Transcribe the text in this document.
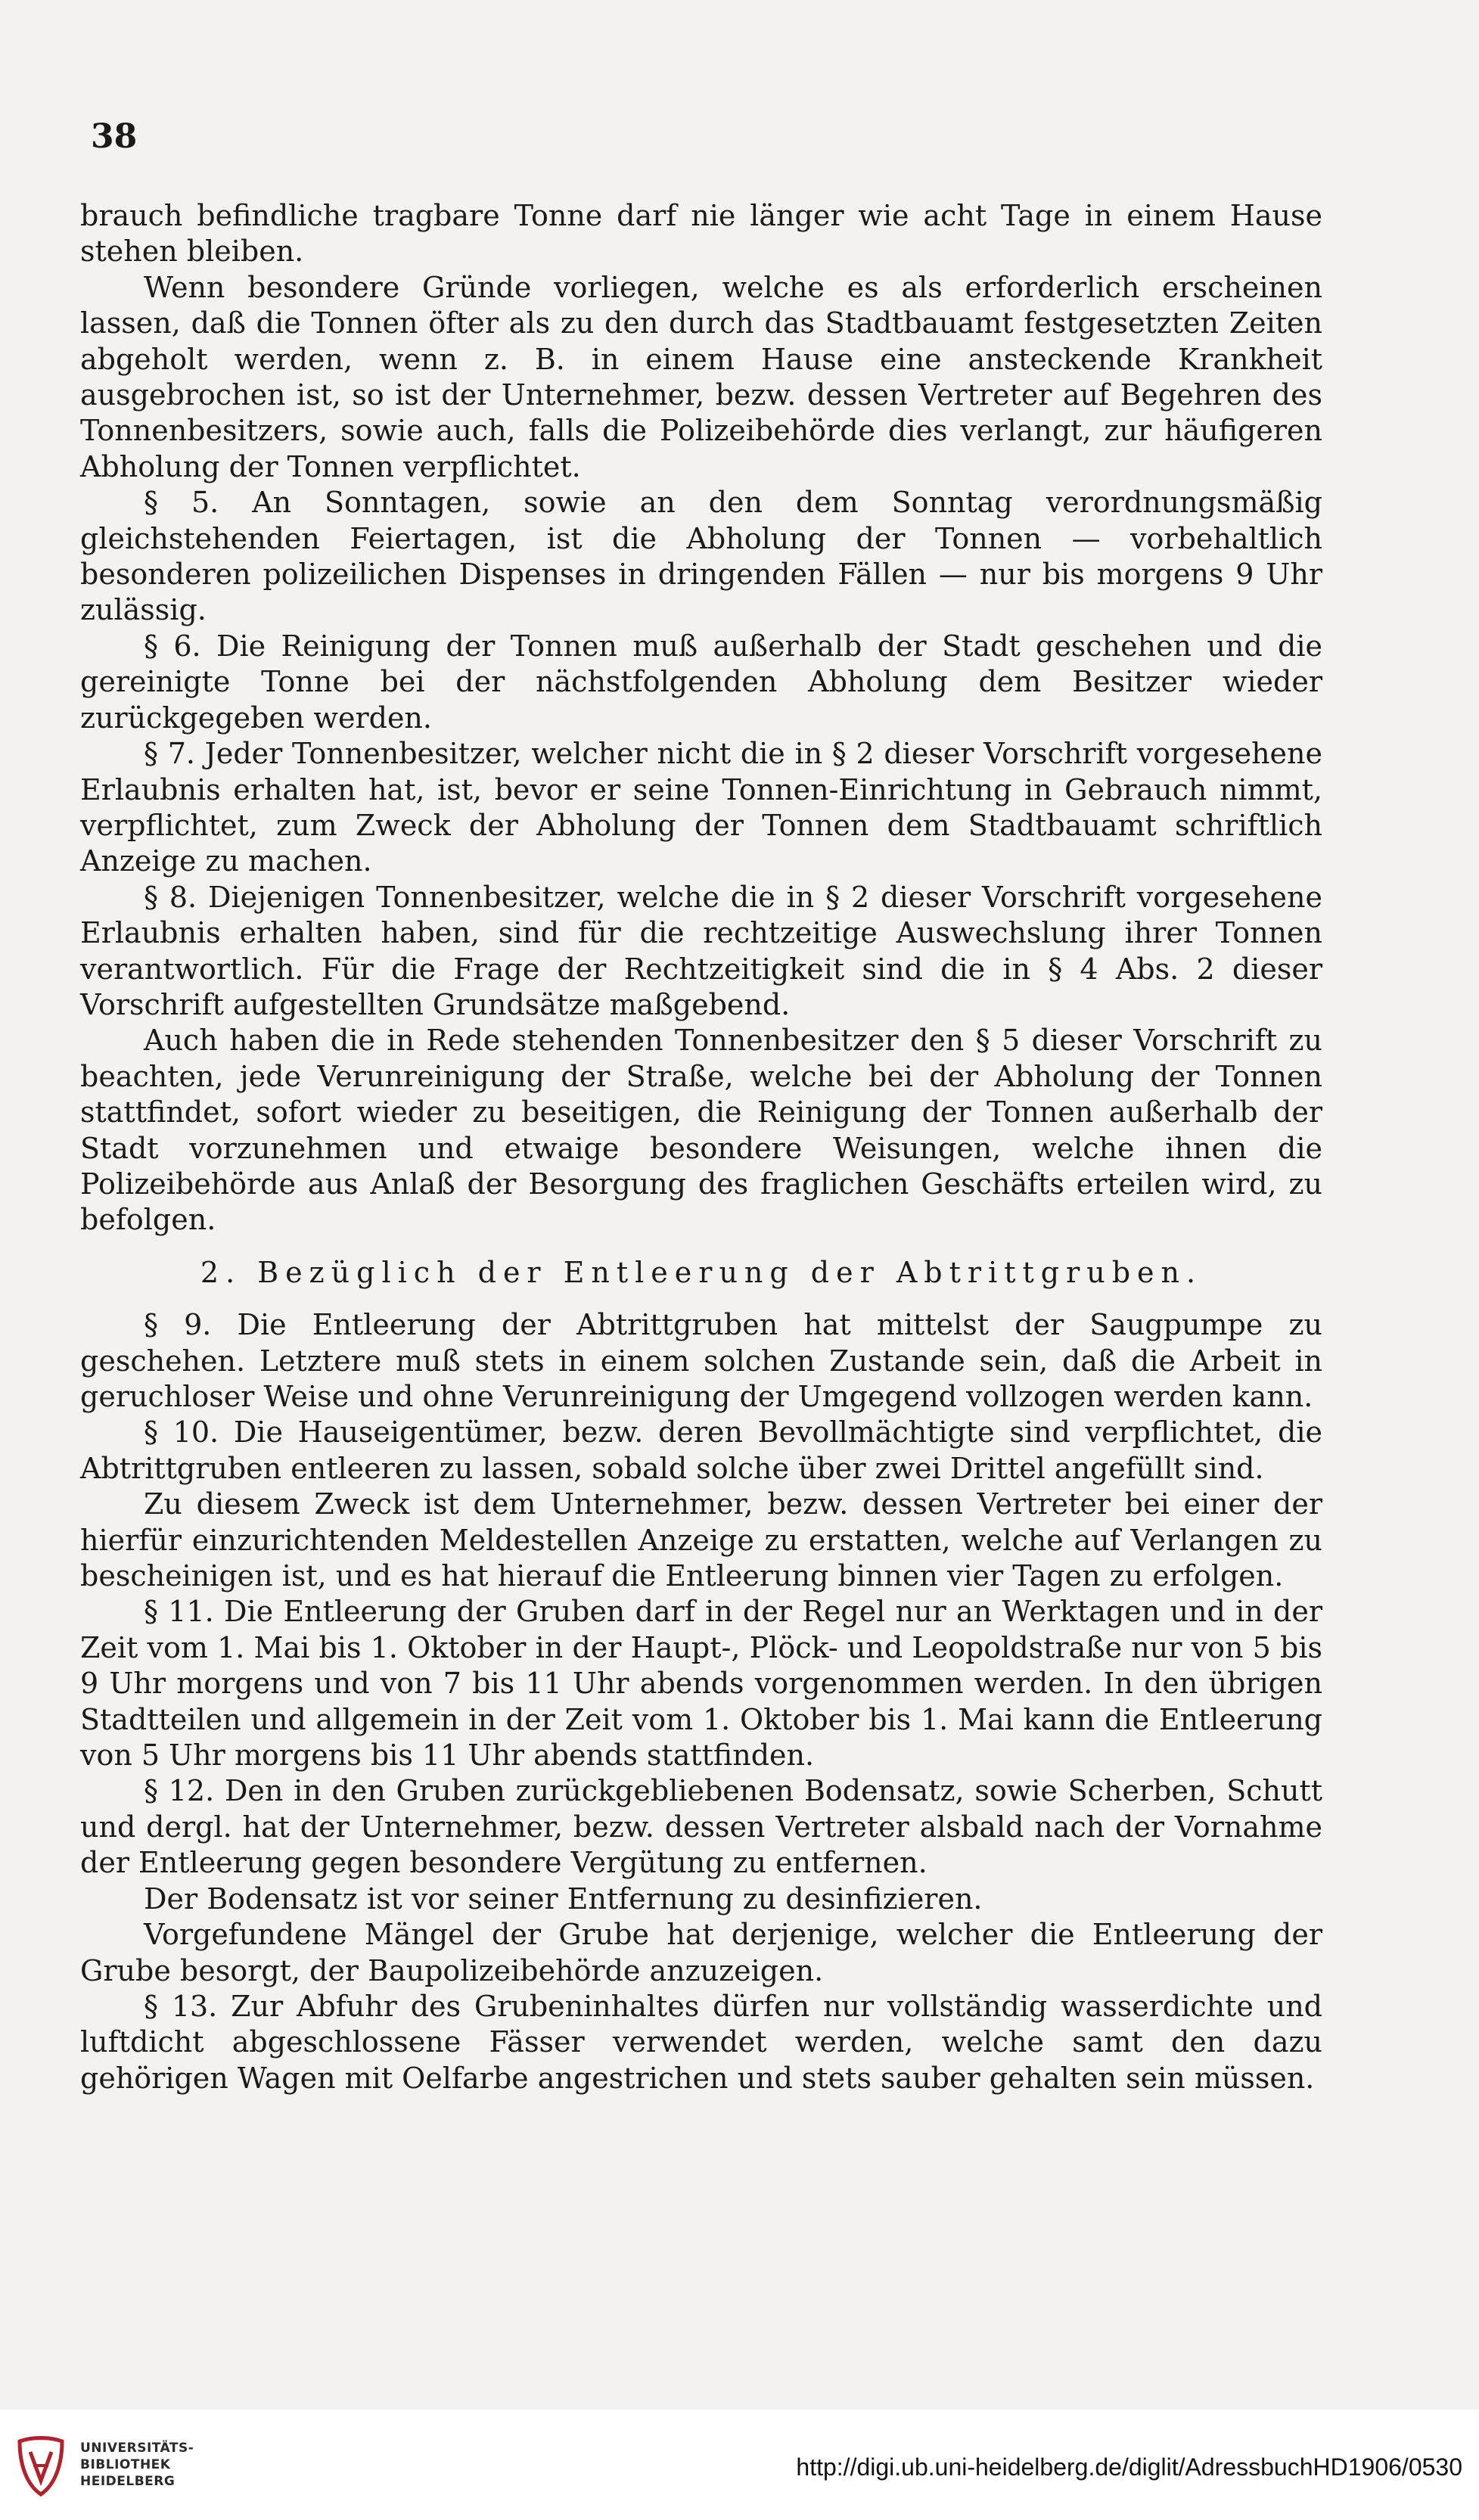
38

brauch befindliche tragbare Tonne darf nie länger wie acht Tage in einem Hause stehen bleiben.

Wenn besondere Gründe vorliegen, welche es als erforderlich erscheinen lassen, daß die Tonnen öfter als zu den durch das Stadtbauamt festgesetzten Zeiten abgeholt werden, wenn z. B. in einem Hause eine ansteckende Krankheit ausgebrochen ist, so ist der Unternehmer, bezw. dessen Vertreter auf Begehren des Tonnenbesitzers, sowie auch, falls die Polizeibehörde dies verlangt, zur häufigeren Abholung der Tonnen verpflichtet.

§ 5. An Sonntagen, sowie an den dem Sonntag verordnungsmäßig gleichstehenden Feiertagen, ist die Abholung der Tonnen — vorbehaltlich besonderen polizeilichen Dispenses in dringenden Fällen — nur bis morgens 9 Uhr zulässig.

§ 6. Die Reinigung der Tonnen muß außerhalb der Stadt geschehen und die gereinigte Tonne bei der nächstfolgenden Abholung dem Besitzer wieder zurückgegeben werden.

§ 7. Jeder Tonnenbesitzer, welcher nicht die in § 2 dieser Vorschrift vorgesehene Erlaubnis erhalten hat, ist, bevor er seine Tonnen-Einrichtung in Gebrauch nimmt, verpflichtet, zum Zweck der Abholung der Tonnen dem Stadtbauamt schriftlich Anzeige zu machen.

§ 8. Diejenigen Tonnenbesitzer, welche die in § 2 dieser Vorschrift vorgesehene Erlaubnis erhalten haben, sind für die rechtzeitige Auswechslung ihrer Tonnen verantwortlich. Für die Frage der Rechtzeitigkeit sind die in § 4 Abs. 2 dieser Vorschrift aufgestellten Grundsätze maßgebend.

Auch haben die in Rede stehenden Tonnenbesitzer den § 5 dieser Vorschrift zu beachten, jede Verunreinigung der Straße, welche bei der Abholung der Tonnen stattfindet, sofort wieder zu beseitigen, die Reinigung der Tonnen außerhalb der Stadt vorzunehmen und etwaige besondere Weisungen, welche ihnen die Polizeibehörde aus Anlaß der Besorgung des fraglichen Geschäfts erteilen wird, zu befolgen.

2. Bezüglich der Entleerung der Abtrittgruben.

§ 9. Die Entleerung der Abtrittgruben hat mittelst der Saugpumpe zu geschehen. Letztere muß stets in einem solchen Zustande sein, daß die Arbeit in geruchloser Weise und ohne Verunreinigung der Umgegend vollzogen werden kann.

§ 10. Die Hauseigentümer, bezw. deren Bevollmächtigte sind verpflichtet, die Abtrittgruben entleeren zu lassen, sobald solche über zwei Drittel angefüllt sind.

Zu diesem Zweck ist dem Unternehmer, bezw. dessen Vertreter bei einer der hierfür einzurichtenden Meldestellen Anzeige zu erstatten, welche auf Verlangen zu bescheinigen ist, und es hat hierauf die Entleerung binnen vier Tagen zu erfolgen.

§ 11. Die Entleerung der Gruben darf in der Regel nur an Werktagen und in der Zeit vom 1. Mai bis 1. Oktober in der Haupt-, Plöck- und Leopoldstraße nur von 5 bis 9 Uhr morgens und von 7 bis 11 Uhr abends vorgenommen werden. In den übrigen Stadtteilen und allgemein in der Zeit vom 1. Oktober bis 1. Mai kann die Entleerung von 5 Uhr morgens bis 11 Uhr abends stattfinden.

§ 12. Den in den Gruben zurückgebliebenen Bodensatz, sowie Scherben, Schutt und dergl. hat der Unternehmer, bezw. dessen Vertreter alsbald nach der Vornahme der Entleerung gegen besondere Vergütung zu entfernen.

Der Bodensatz ist vor seiner Entfernung zu desinfizieren.

Vorgefundene Mängel der Grube hat derjenige, welcher die Entleerung der Grube besorgt, der Baupolizeibehörde anzuzeigen.

§ 13. Zur Abfuhr des Grubeninhaltes dürfen nur vollständig wasserdichte und luftdicht abgeschlossene Fässer verwendet werden, welche samt den dazu gehörigen Wagen mit Oelfarbe angestrichen und stets sauber gehalten sein müssen.

UNIVERSITÄTS-
BIBLIOTHEK
HEIDELBERG
http://digi.ub.uni-heidelberg.de/diglit/AdressbuchHD1906/0530
